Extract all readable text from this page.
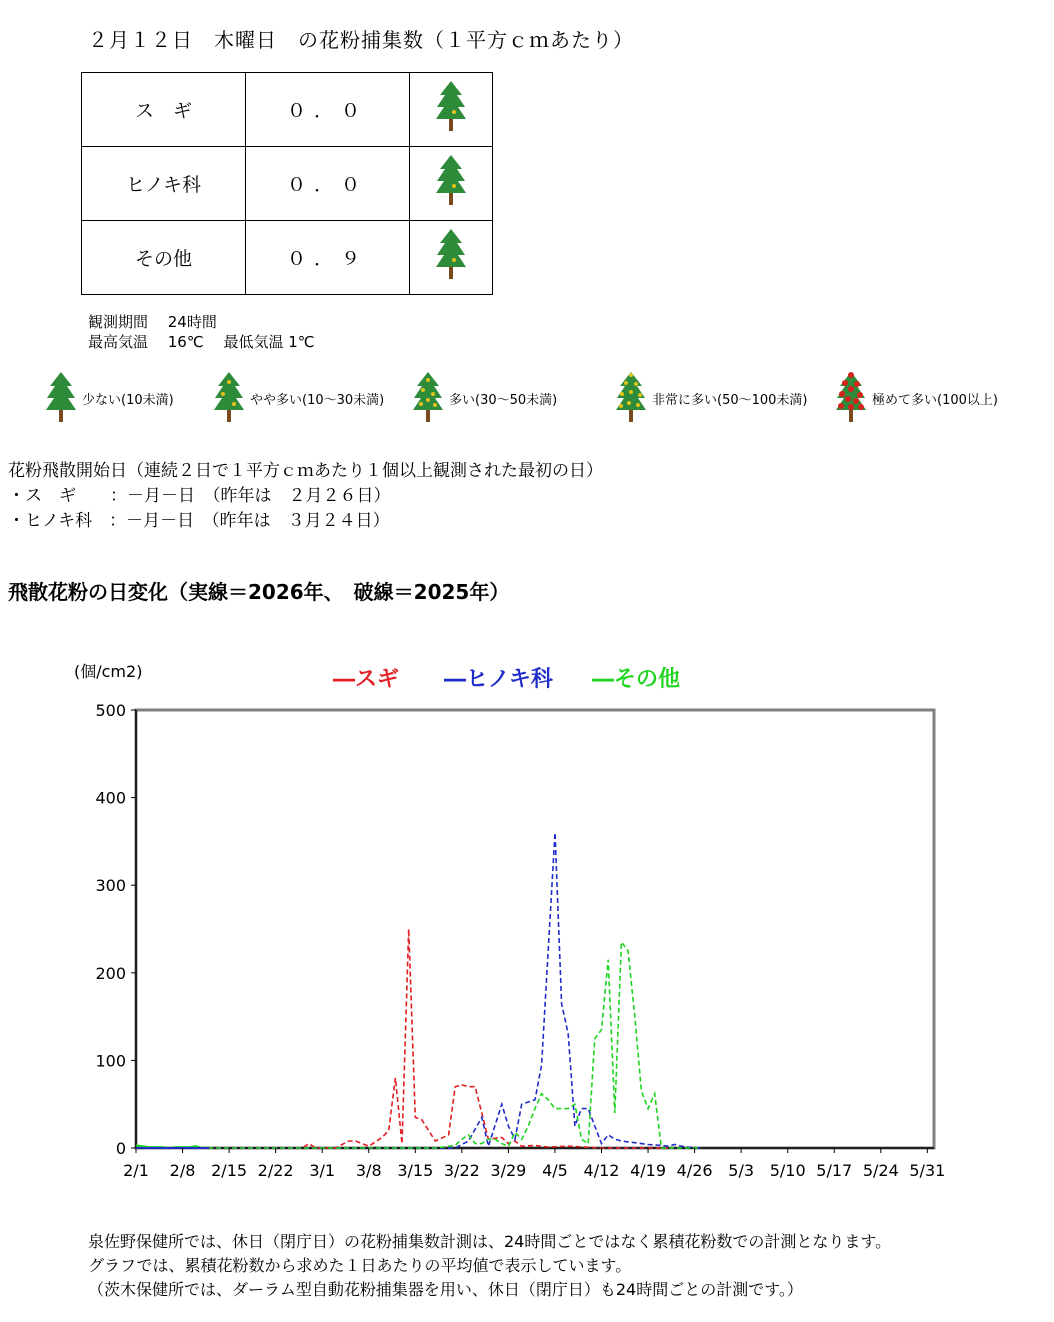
２月１２日　木曜日　の花粉捕集数（１平方ｃｍあたり）
ス　ギ	０．０	
ヒノキ科	０．０	
その他	０．９	
観測期間　 24時間
最高気温　 16℃　 最低気温 1℃
少ない(10未満)	やや多い(10～30未満)	多い(30～50未満)	非常に多い(50～100未満)	極めて多い(100以上)
花粉飛散開始日（連続２日で１平方ｃｍあたり１個以上観測された最初の日）
・ス　ギ　　：－月－日　（昨年は　２月２６日）
・ヒノキ科　：－月－日　（昨年は　３月２４日）
飛散花粉の日変化（実線＝2026年、　破線＝2025年）
(個/cm2)	―スギ ―ヒノキ科 ―その他
0
100
200
300
400
500
2/1 2/8 2/15 2/22 3/1 3/8 3/15 3/22 3/29 4/5 4/12 4/19 4/26 5/3 5/10 5/17 5/24 5/31
泉佐野保健所では、休日（閉庁日）の花粉捕集数計測は、24時間ごとではなく累積花粉数での計測となります。
グラフでは、累積花粉数から求めた１日あたりの平均値で表示しています。
（茨木保健所では、ダーラム型自動花粉捕集器を用い、休日（閉庁日）も24時間ごとの計測です。）
